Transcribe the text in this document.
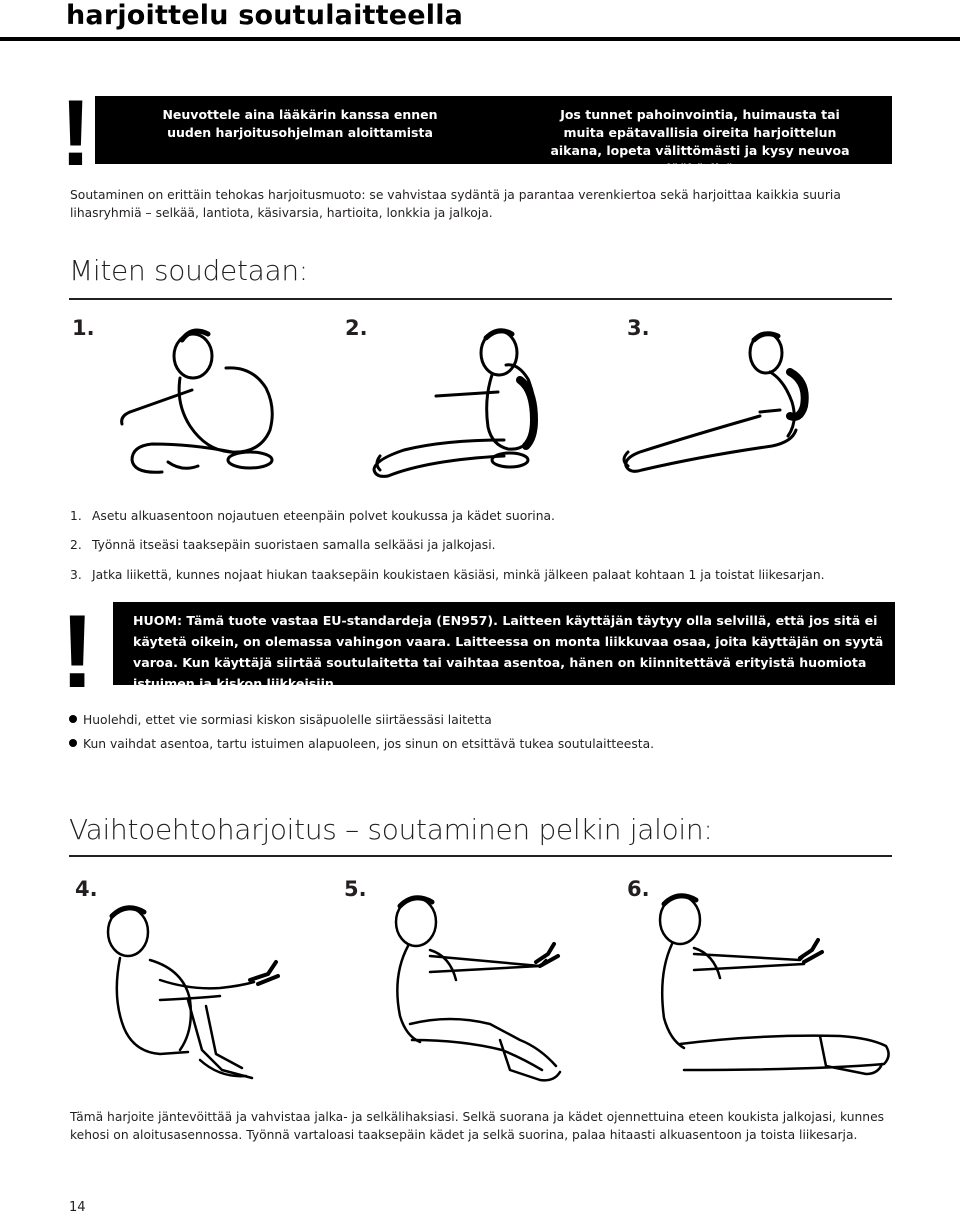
harjoittelu soutulaitteella
!	Neuvottele aina lääkärin kanssa ennen uuden harjoitusohjelman aloittamista
Jos tunnet pahoinvointia, huimausta tai muita epätavallisia oireita harjoittelun aikana, lopeta välittömästi ja kysy neuvoa lääkäriltä
Soutaminen on erittäin tehokas harjoitusmuoto: se vahvistaa sydäntä ja parantaa verenkiertoa sekä harjoittaa kaikkia suuria lihasryhmiä – selkää, lantiota, käsivarsia, hartioita, lonkkia ja jalkoja.
Miten soudetaan:
1.	2.	3.
1. Asetu alkuasentoon nojautuen eteenpäin polvet koukussa ja kädet suorina.
2. Työnnä itseäsi taaksepäin suoristaen samalla selkääsi ja jalkojasi.
3. Jatka liikettä, kunnes nojaat hiukan taaksepäin koukistaen käsiäsi, minkä jälkeen palaat kohtaan 1 ja toistat liikesarjan.
!	HUOM: Tämä tuote vastaa EU-standardeja (EN957). Laitteen käyttäjän täytyy olla selvillä, että jos sitä ei käytetä oikein, on olemassa vahingon vaara. Laitteessa on monta liikkuvaa osaa, joita käyttäjän on syytä varoa. Kun käyttäjä siirtää soutulaitetta tai vaihtaa asentoa, hänen on kiinnitettävä erityistä huomiota istuimen ja kiskon liikkeisiin.
Huolehdi, ettet vie sormiasi kiskon sisäpuolelle siirtäessäsi laitetta
Kun vaihdat asentoa, tartu istuimen alapuoleen, jos sinun on etsittävä tukea soutulaitteesta.
Vaihtoehtoharjoitus – soutaminen pelkin jaloin:
4.	5.	6.
Tämä harjoite jäntevöittää ja vahvistaa jalka- ja selkälihaksiasi. Selkä suorana ja kädet ojennettuina eteen koukista jalkojasi, kunnes kehosi on aloitusasennossa. Työnnä vartaloasi taaksepäin kädet ja selkä suorina, palaa hitaasti alkuasentoon ja toista liikesarja.
14
